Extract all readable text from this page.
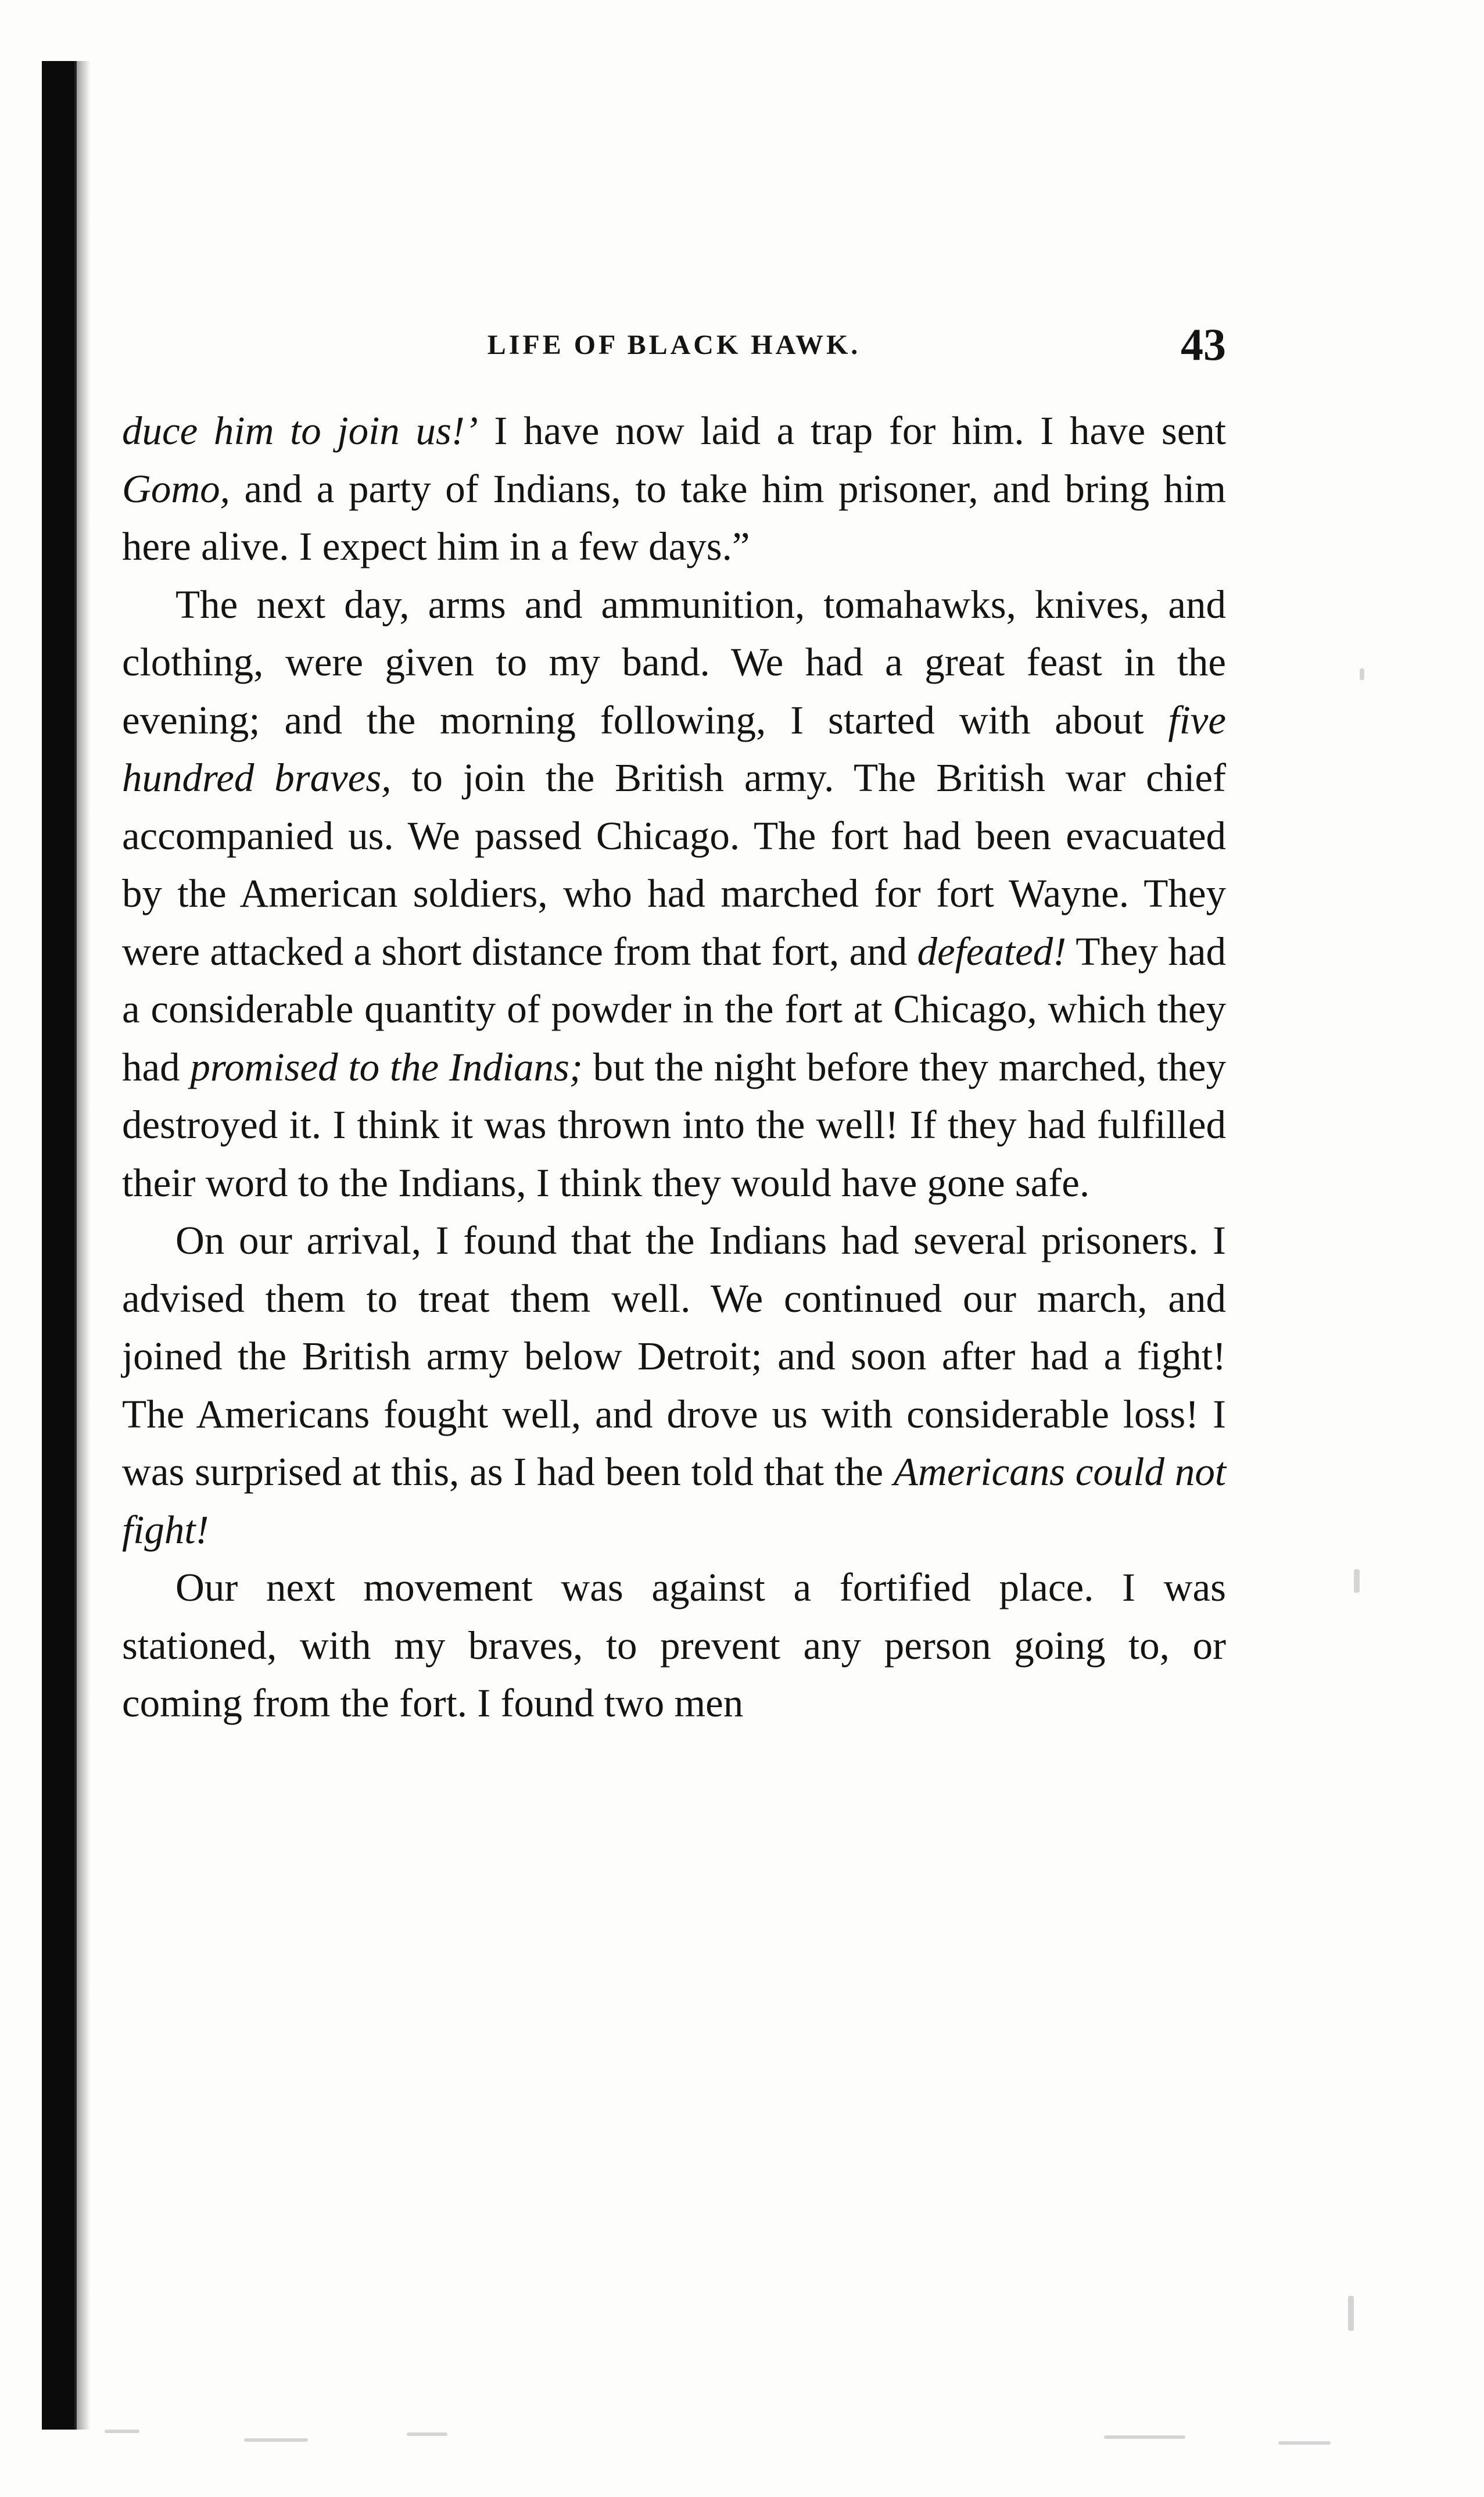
LIFE OF BLACK HAWK.	43

duce him to join us!’ I have now laid a trap for him. I have sent Gomo, and a party of Indians, to take him prisoner, and bring him here alive. I expect him in a few days.”

The next day, arms and ammunition, tomahawks, knives, and clothing, were given to my band. We had a great feast in the evening; and the morning following, I started with about five hundred braves, to join the British army. The British war chief accompanied us. We passed Chicago. The fort had been evacuated by the American soldiers, who had marched for fort Wayne. They were attacked a short distance from that fort, and defeated! They had a considerable quantity of powder in the fort at Chicago, which they had promised to the Indians; but the night before they marched, they destroyed it. I think it was thrown into the well! If they had fulfilled their word to the Indians, I think they would have gone safe.

On our arrival, I found that the Indians had several prisoners. I advised them to treat them well. We continued our march, and joined the British army below Detroit; and soon after had a fight! The Americans fought well, and drove us with considerable loss! I was surprised at this, as I had been told that the Americans could not fight!

Our next movement was against a fortified place. I was stationed, with my braves, to prevent any person going to, or coming from the fort. I found two men
